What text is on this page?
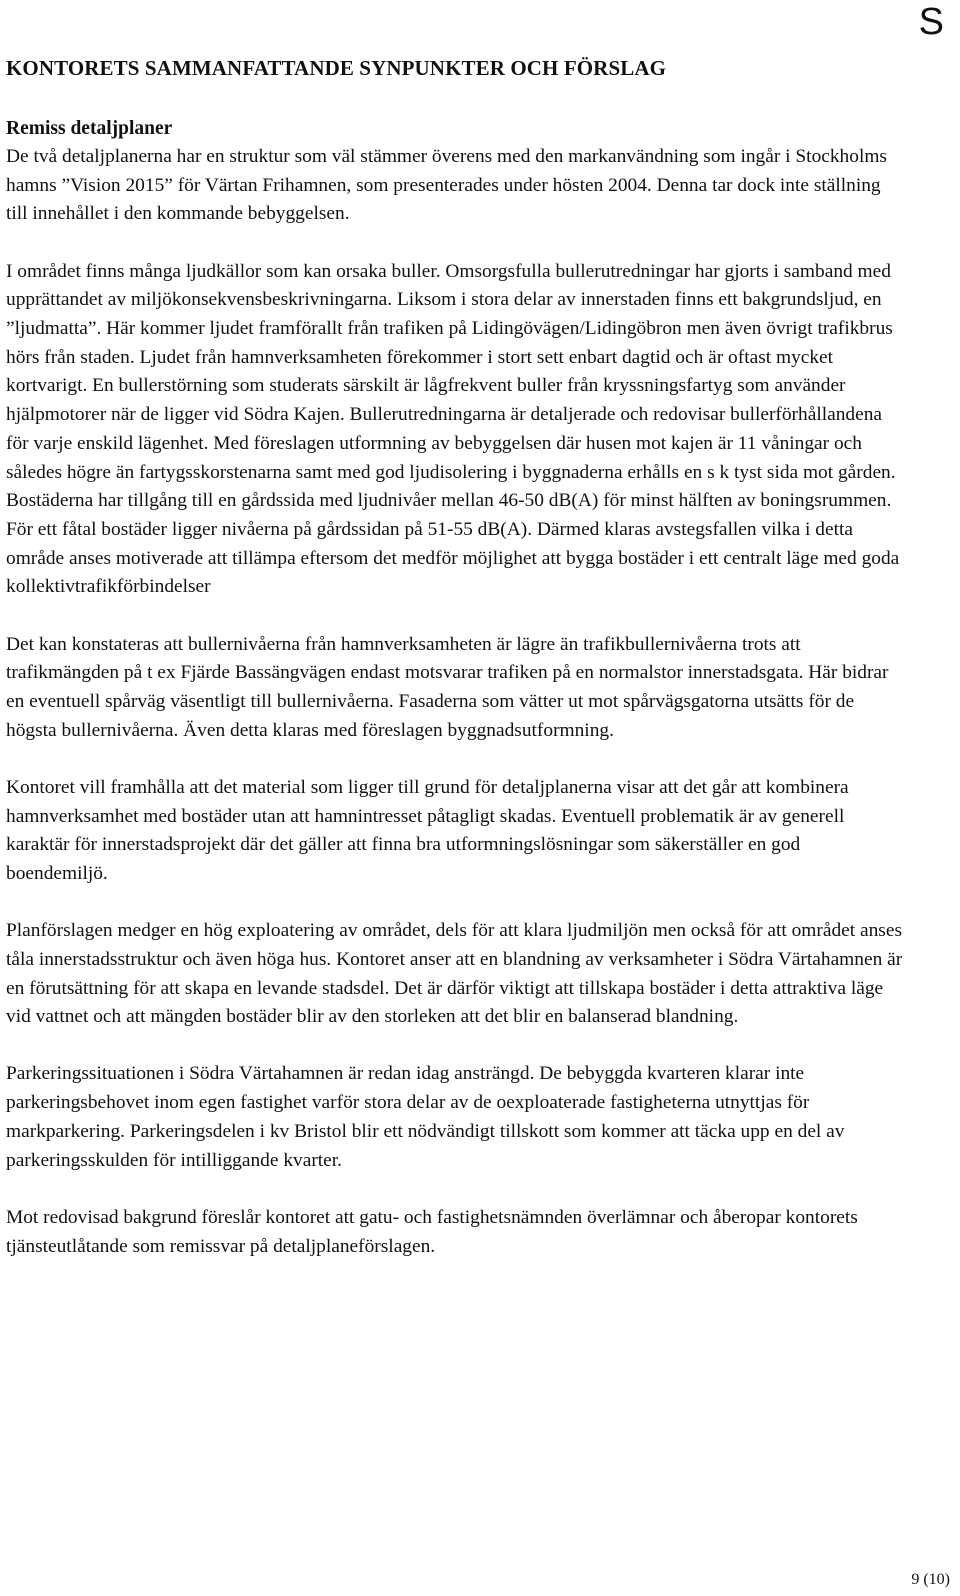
S
KONTORETS SAMMANFATTANDE SYNPUNKTER OCH FÖRSLAG
Remiss detaljplaner

De två detaljplanerna har en struktur som väl stämmer överens med den markanvändning som ingår i Stockholms hamns ”Vision 2015” för Värtan Frihamnen, som presenterades under hösten 2004. Denna tar dock inte ställning till innehållet i den kommande bebyggelsen.

I området finns många ljudkällor som kan orsaka buller. Omsorgsfulla bullerutredningar har gjorts i samband med upprättandet av miljökonsekvensbeskrivningarna. Liksom i stora delar av innerstaden finns ett bakgrundsljud, en ”ljudmatta”. Här kommer ljudet framförallt från trafiken på Lidingövägen/Lidingöbron men även övrigt trafikbrus hörs från staden. Ljudet från hamnverksamheten förekommer i stort sett enbart dagtid och är oftast mycket kortvarigt. En bullerstörning som studerats särskilt är lågfrekvent buller från kryssningsfartyg som använder hjälpmotorer när de ligger vid Södra Kajen. Bullerutredningarna är detaljerade och redovisar bullerförhållandena för varje enskild lägenhet. Med föreslagen utformning av bebyggelsen där husen mot kajen är 11 våningar och således högre än fartygsskorstenarna samt med god ljudisolering i byggnaderna erhålls en s k tyst sida mot gården. Bostäderna har tillgång till en gårdssida med ljudnivåer mellan 46-50 dB(A) för minst hälften av boningsrummen. För ett fåtal bostäder ligger nivåerna på gårdssidan på 51-55 dB(A). Därmed klaras avstegsfallen vilka i detta område anses motiverade att tillämpa eftersom det medför möjlighet att bygga bostäder i ett centralt läge med goda kollektivtrafikförbindelser

Det kan konstateras att bullernivåerna från hamnverksamheten är lägre än trafikbullernivåerna trots att trafikmängden på t ex Fjärde Bassängvägen endast motsvarar trafiken på en normalstor innerstadsgata. Här bidrar en eventuell spårväg väsentligt till bullernivåerna. Fasaderna som vätter ut mot spårvägsgatorna utsätts för de högsta bullernivåerna. Även detta klaras med föreslagen byggnadsutformning.

Kontoret vill framhålla att det material som ligger till grund för detaljplanerna visar att det går att kombinera hamnverksamhet med bostäder utan att hamnintresset påtagligt skadas. Eventuell problematik är av generell karaktär för innerstadsprojekt där det gäller att finna bra utformningslösningar som säkerställer en god boendemiljö.

Planförslagen medger en hög exploatering av området, dels för att klara ljudmiljön men också för att området anses tåla innerstadsstruktur och även höga hus. Kontoret anser att en blandning av verksamheter i Södra Värtahamnen är en förutsättning för att skapa en levande stadsdel. Det är därför viktigt att tillskapa bostäder i detta attraktiva läge vid vattnet och att mängden bostäder blir av den storleken att det blir en balanserad blandning.

Parkeringssituationen i Södra Värtahamnen är redan idag ansträngd. De bebyggda kvarteren klarar inte parkeringsbehovet inom egen fastighet varför stora delar av de oexploaterade fastigheterna utnyttjas för markparkering. Parkeringsdelen i kv Bristol blir ett nödvändigt tillskott som kommer att täcka upp en del av parkeringsskulden för intilliggande kvarter.

Mot redovisad bakgrund föreslår kontoret att gatu- och fastighetsnämnden överlämnar och åberopar kontorets tjänsteutlåtande som remissvar på detaljplaneförslagen.

9 (10)
